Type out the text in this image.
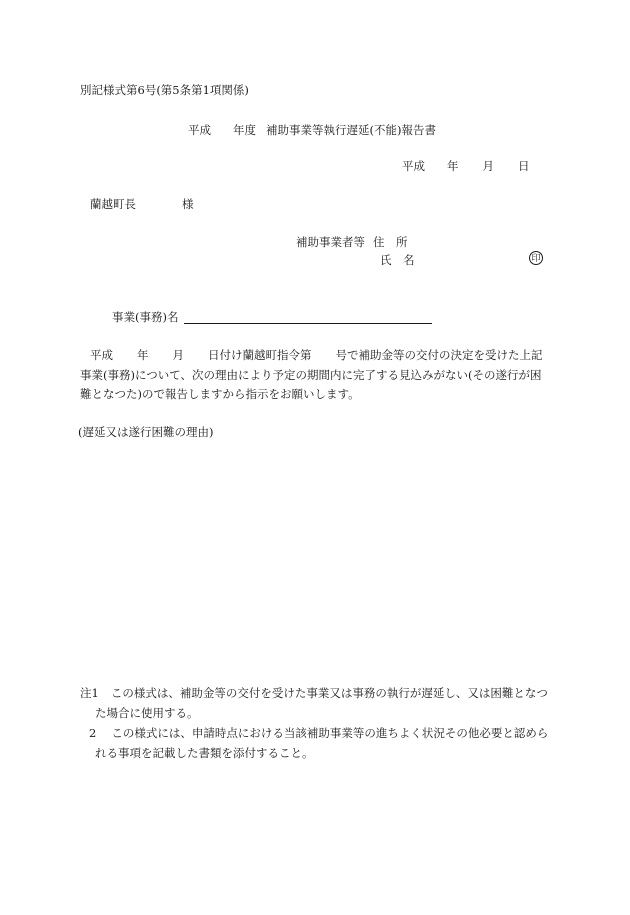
別記様式第6号(第5条第1項関係)
平成 年度 補助事業等執行遅延(不能)報告書
平成 年 月 日
蘭越町長	様
補助事業者等 住　所
氏　名	印
事業(事務)名
平成 年 月 日付け蘭越町指令第 号で補助金等の交付の決定を受けた上記
事業(事務)について、次の理由により予定の期間内に完了する見込みがない(その遂行が困
難となつた)ので報告しますから指示をお願いします。
(遅延又は遂行困難の理由)
注1 この様式は、補助金等の交付を受けた事業又は事務の執行が遅延し、又は困難となつ
た場合に使用する。
2 この様式には、申請時点における当該補助事業等の進ちよく状況その他必要と認めら
れる事項を記載した書類を添付すること。
